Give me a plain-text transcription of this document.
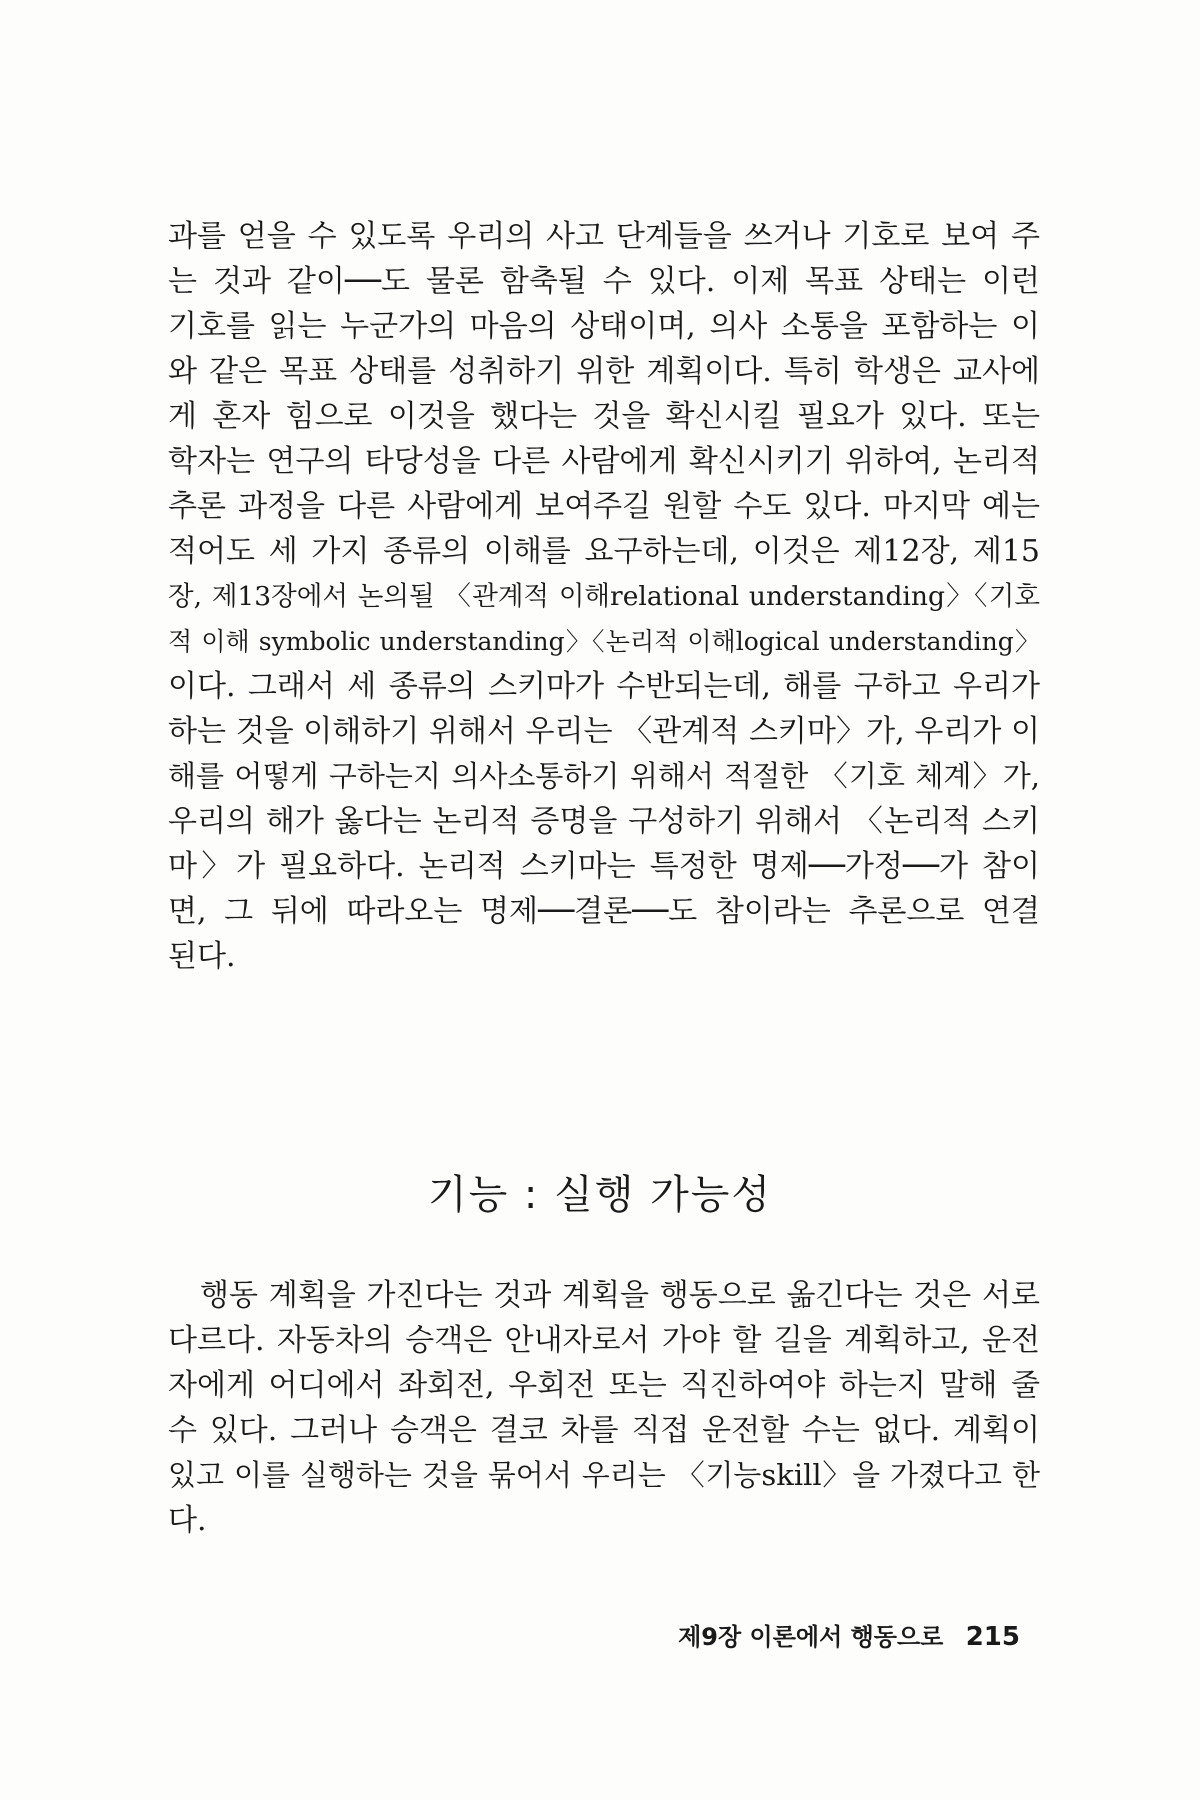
과를 얻을 수 있도록 우리의 사고 단계들을 쓰거나 기호로 보여 주
는 것과 같이──도 물론 함축될 수 있다. 이제 목표 상태는 이런
기호를 읽는 누군가의 마음의 상태이며, 의사 소통을 포함하는 이
와 같은 목표 상태를 성취하기 위한 계획이다. 특히 학생은 교사에
게 혼자 힘으로 이것을 했다는 것을 확신시킬 필요가 있다. 또는
학자는 연구의 타당성을 다른 사람에게 확신시키기 위하여, 논리적
추론 과정을 다른 사람에게 보여주길 원할 수도 있다. 마지막 예는
적어도 세 가지 종류의 이해를 요구하는데, 이것은 제12장, 제15
장, 제13장에서 논의될 〈관계적 이해relational understanding〉〈기호
적 이해 symbolic understanding〉〈논리적 이해logical understanding〉
이다. 그래서 세 종류의 스키마가 수반되는데, 해를 구하고 우리가
하는 것을 이해하기 위해서 우리는 〈관계적 스키마〉가, 우리가 이
해를 어떻게 구하는지 의사소통하기 위해서 적절한 〈기호 체계〉가,
우리의 해가 옳다는 논리적 증명을 구성하기 위해서 〈논리적 스키
마〉가 필요하다. 논리적 스키마는 특정한 명제──가정──가 참이
면, 그 뒤에 따라오는 명제──결론──도 참이라는 추론으로 연결
된다.
기능 : 실행 가능성
행동 계획을 가진다는 것과 계획을 행동으로 옮긴다는 것은 서로
다르다. 자동차의 승객은 안내자로서 가야 할 길을 계획하고, 운전
자에게 어디에서 좌회전, 우회전 또는 직진하여야 하는지 말해 줄
수 있다. 그러나 승객은 결코 차를 직접 운전할 수는 없다. 계획이
있고 이를 실행하는 것을 묶어서 우리는 〈기능skill〉을 가졌다고 한
다.
제9장 이론에서 행동으로 215
